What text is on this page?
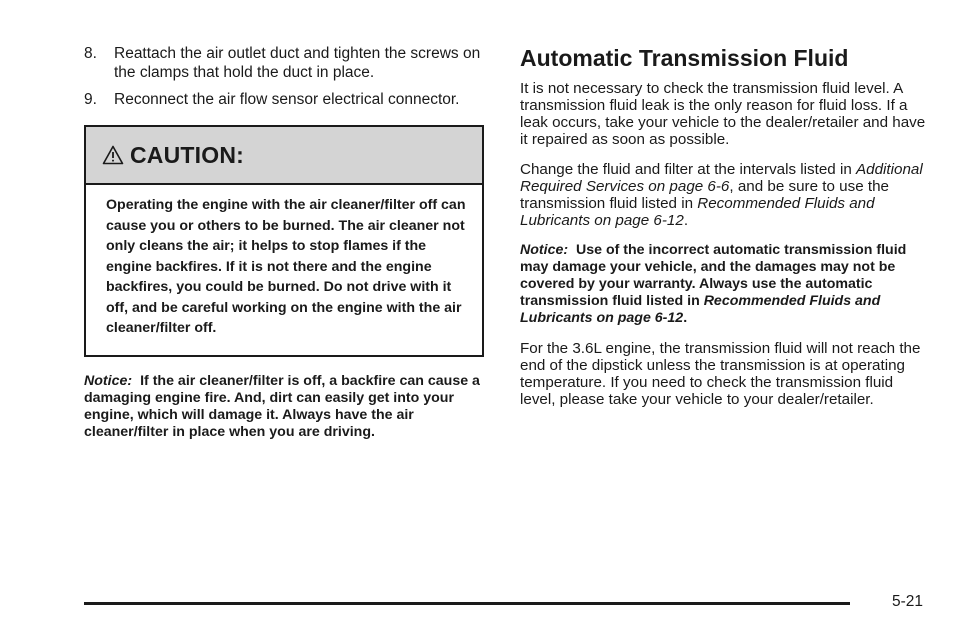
8. Reattach the air outlet duct and tighten the screws on the clamps that hold the duct in place.
9. Reconnect the air flow sensor electrical connector.
CAUTION:
Operating the engine with the air cleaner/filter off can cause you or others to be burned. The air cleaner not only cleans the air; it helps to stop flames if the engine backfires. If it is not there and the engine backfires, you could be burned. Do not drive with it off, and be careful working on the engine with the air cleaner/filter off.
Notice: If the air cleaner/filter is off, a backfire can cause a damaging engine fire. And, dirt can easily get into your engine, which will damage it. Always have the air cleaner/filter in place when you are driving.
Automatic Transmission Fluid

It is not necessary to check the transmission fluid level. A transmission fluid leak is the only reason for fluid loss. If a leak occurs, take your vehicle to the dealer/retailer and have it repaired as soon as possible.

Change the fluid and filter at the intervals listed in Additional Required Services on page 6-6, and be sure to use the transmission fluid listed in Recommended Fluids and Lubricants on page 6-12.

Notice: Use of the incorrect automatic transmission fluid may damage your vehicle, and the damages may not be covered by your warranty. Always use the automatic transmission fluid listed in Recommended Fluids and Lubricants on page 6-12.

For the 3.6L engine, the transmission fluid will not reach the end of the dipstick unless the transmission is at operating temperature. If you need to check the transmission fluid level, please take your vehicle to your dealer/retailer.

5-21
